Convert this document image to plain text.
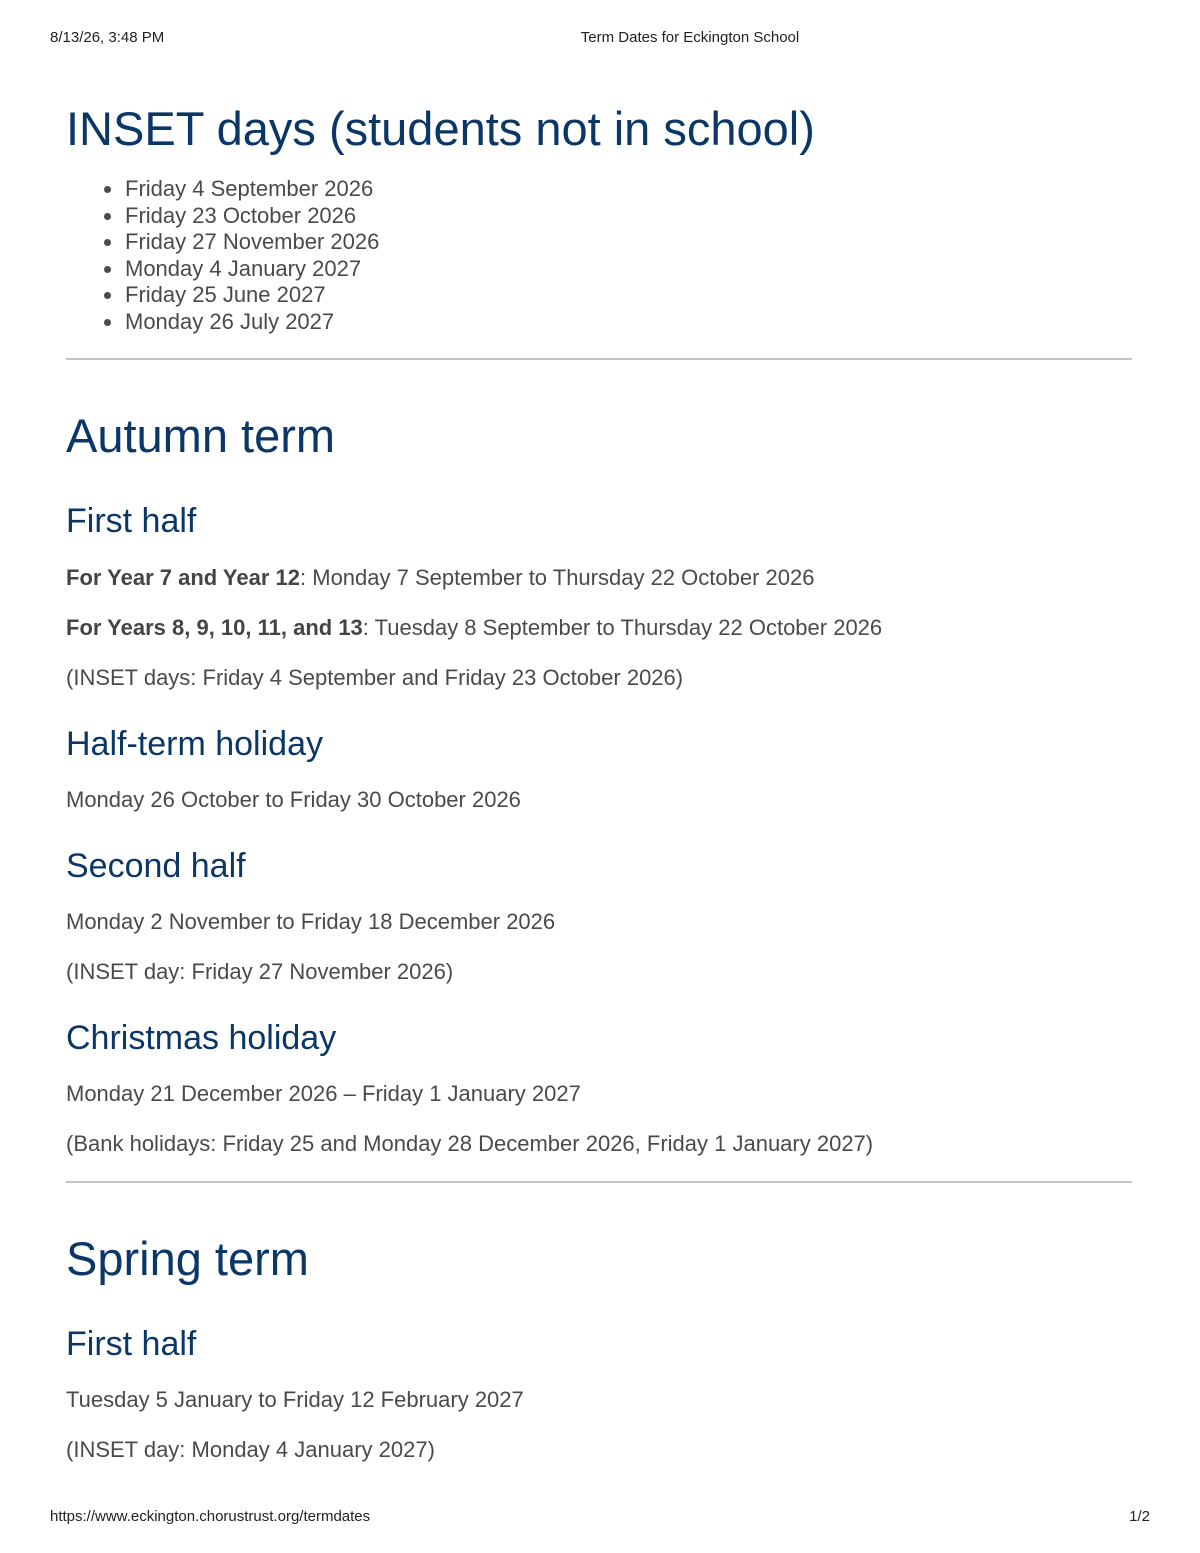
8/13/26, 3:48 PM	Term Dates for Eckington School
INSET days (students not in school)
Friday 4 September 2026
Friday 23 October 2026
Friday 27 November 2026
Monday 4 January 2027
Friday 25 June 2027
Monday 26 July 2027
Autumn term
First half

For Year 7 and Year 12: Monday 7 September to Thursday 22 October 2026

For Years 8, 9, 10, 11, and 13: Tuesday 8 September to Thursday 22 October 2026

(INSET days: Friday 4 September and Friday 23 October 2026)

Half-term holiday

Monday 26 October to Friday 30 October 2026

Second half

Monday 2 November to Friday 18 December 2026

(INSET day: Friday 27 November 2026)

Christmas holiday

Monday 21 December 2026 – Friday 1 January 2027

(Bank holidays: Friday 25 and Monday 28 December 2026, Friday 1 January 2027)

Spring term
First half

Tuesday 5 January to Friday 12 February 2027

(INSET day: Monday 4 January 2027)

https://www.eckington.chorustrust.org/termdates	1/2
